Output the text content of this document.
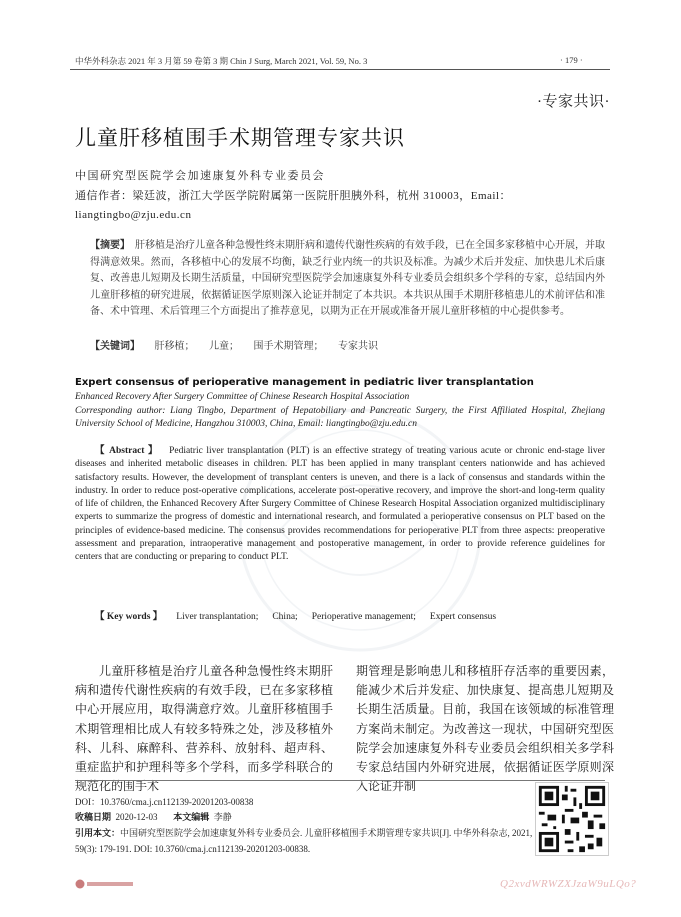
中华外科杂志 2021 年 3 月第 59 卷第 3 期 Chin J Surg, March 2021, Vol. 59, No. 3	· 179 ·
·专家共识·
儿童肝移植围手术期管理专家共识
中国研究型医院学会加速康复外科专业委员会
通信作者：梁廷波，浙江大学医学院附属第一医院肝胆胰外科，杭州 310003，Email：liangtingbo@zju.edu.cn
【摘要】 肝移植是治疗儿童各种急慢性终末期肝病和遗传代谢性疾病的有效手段，已在全国多家移植中心开展，并取得满意效果。然而，各移植中心的发展不均衡，缺乏行业内统一的共识及标准。为减少术后并发症、加快患儿术后康复、改善患儿短期及长期生活质量，中国研究型医院学会加速康复外科专业委员会组织多个学科的专家，总结国内外儿童肝移植的研究进展，依据循证医学原则深入论证并制定了本共识。本共识从围手术期肝移植患儿的术前评估和准备、术中管理、术后管理三个方面提出了推荐意见，以期为正在开展或准备开展儿童肝移植的中心提供参考。
【关键词】 肝移植； 儿童； 围手术期管理； 专家共识
Expert consensus of perioperative management in pediatric liver transplantation
Enhanced Recovery After Surgery Committee of Chinese Research Hospital Association
Corresponding author: Liang Tingbo, Department of Hepatobiliary and Pancreatic Surgery, the First Affiliated Hospital, Zhejiang University School of Medicine, Hangzhou 310003, China, Email: liangtingbo@zju.edu.cn
【 Abstract 】 Pediatric liver transplantation (PLT) is an effective strategy of treating various acute or chronic end-stage liver diseases and inherited metabolic diseases in children. PLT has been applied in many transplant centers nationwide and has achieved satisfactory results. However, the development of transplant centers is uneven, and there is a lack of consensus and standards within the industry. In order to reduce post-operative complications, accelerate post-operative recovery, and improve the short-and long-term quality of life of children, the Enhanced Recovery After Surgery Committee of Chinese Research Hospital Association organized multidisciplinary experts to summarize the progress of domestic and international research, and formulated a perioperative consensus on PLT based on the principles of evidence-based medicine. The consensus provides recommendations for perioperative PLT from three aspects: preoperative assessment and preparation, intraoperative management and postoperative management, in order to provide reference guidelines for centers that are conducting or preparing to conduct PLT.
【 Key words 】 Liver transplantation; China; Perioperative management; Expert consensus
儿童肝移植是治疗儿童各种急慢性终末期肝病和遗传代谢性疾病的有效手段，已在多家移植中心开展应用，取得满意疗效。儿童肝移植围手术期管理相比成人有较多特殊之处，涉及移植外科、儿科、麻醉科、营养科、放射科、超声科、重症监护和护理科等多个学科，而多学科联合的规范化的围手术
期管理是影响患儿和移植肝存活率的重要因素，能减少术后并发症、加快康复、提高患儿短期及长期生活质量。目前，我国在该领域的标准管理方案尚未制定。为改善这一现状，中国研究型医院学会加速康复外科专业委员会组织相关多学科专家总结国内外研究进展，依据循证医学原则深入论证并制
DOI：10.3760/cma.j.cn112139-20201203-00838
收稿日期 2020-12-03 本文编辑 李静
引用本文：中国研究型医院学会加速康复外科专业委员会. 儿童肝移植围手术期管理专家共识[J]. 中华外科杂志, 2021, 59(3): 179-191. DOI: 10.3760/cma.j.cn112139-20201203-00838.
Q2xvdWRWZXJzaW9uLQo?
